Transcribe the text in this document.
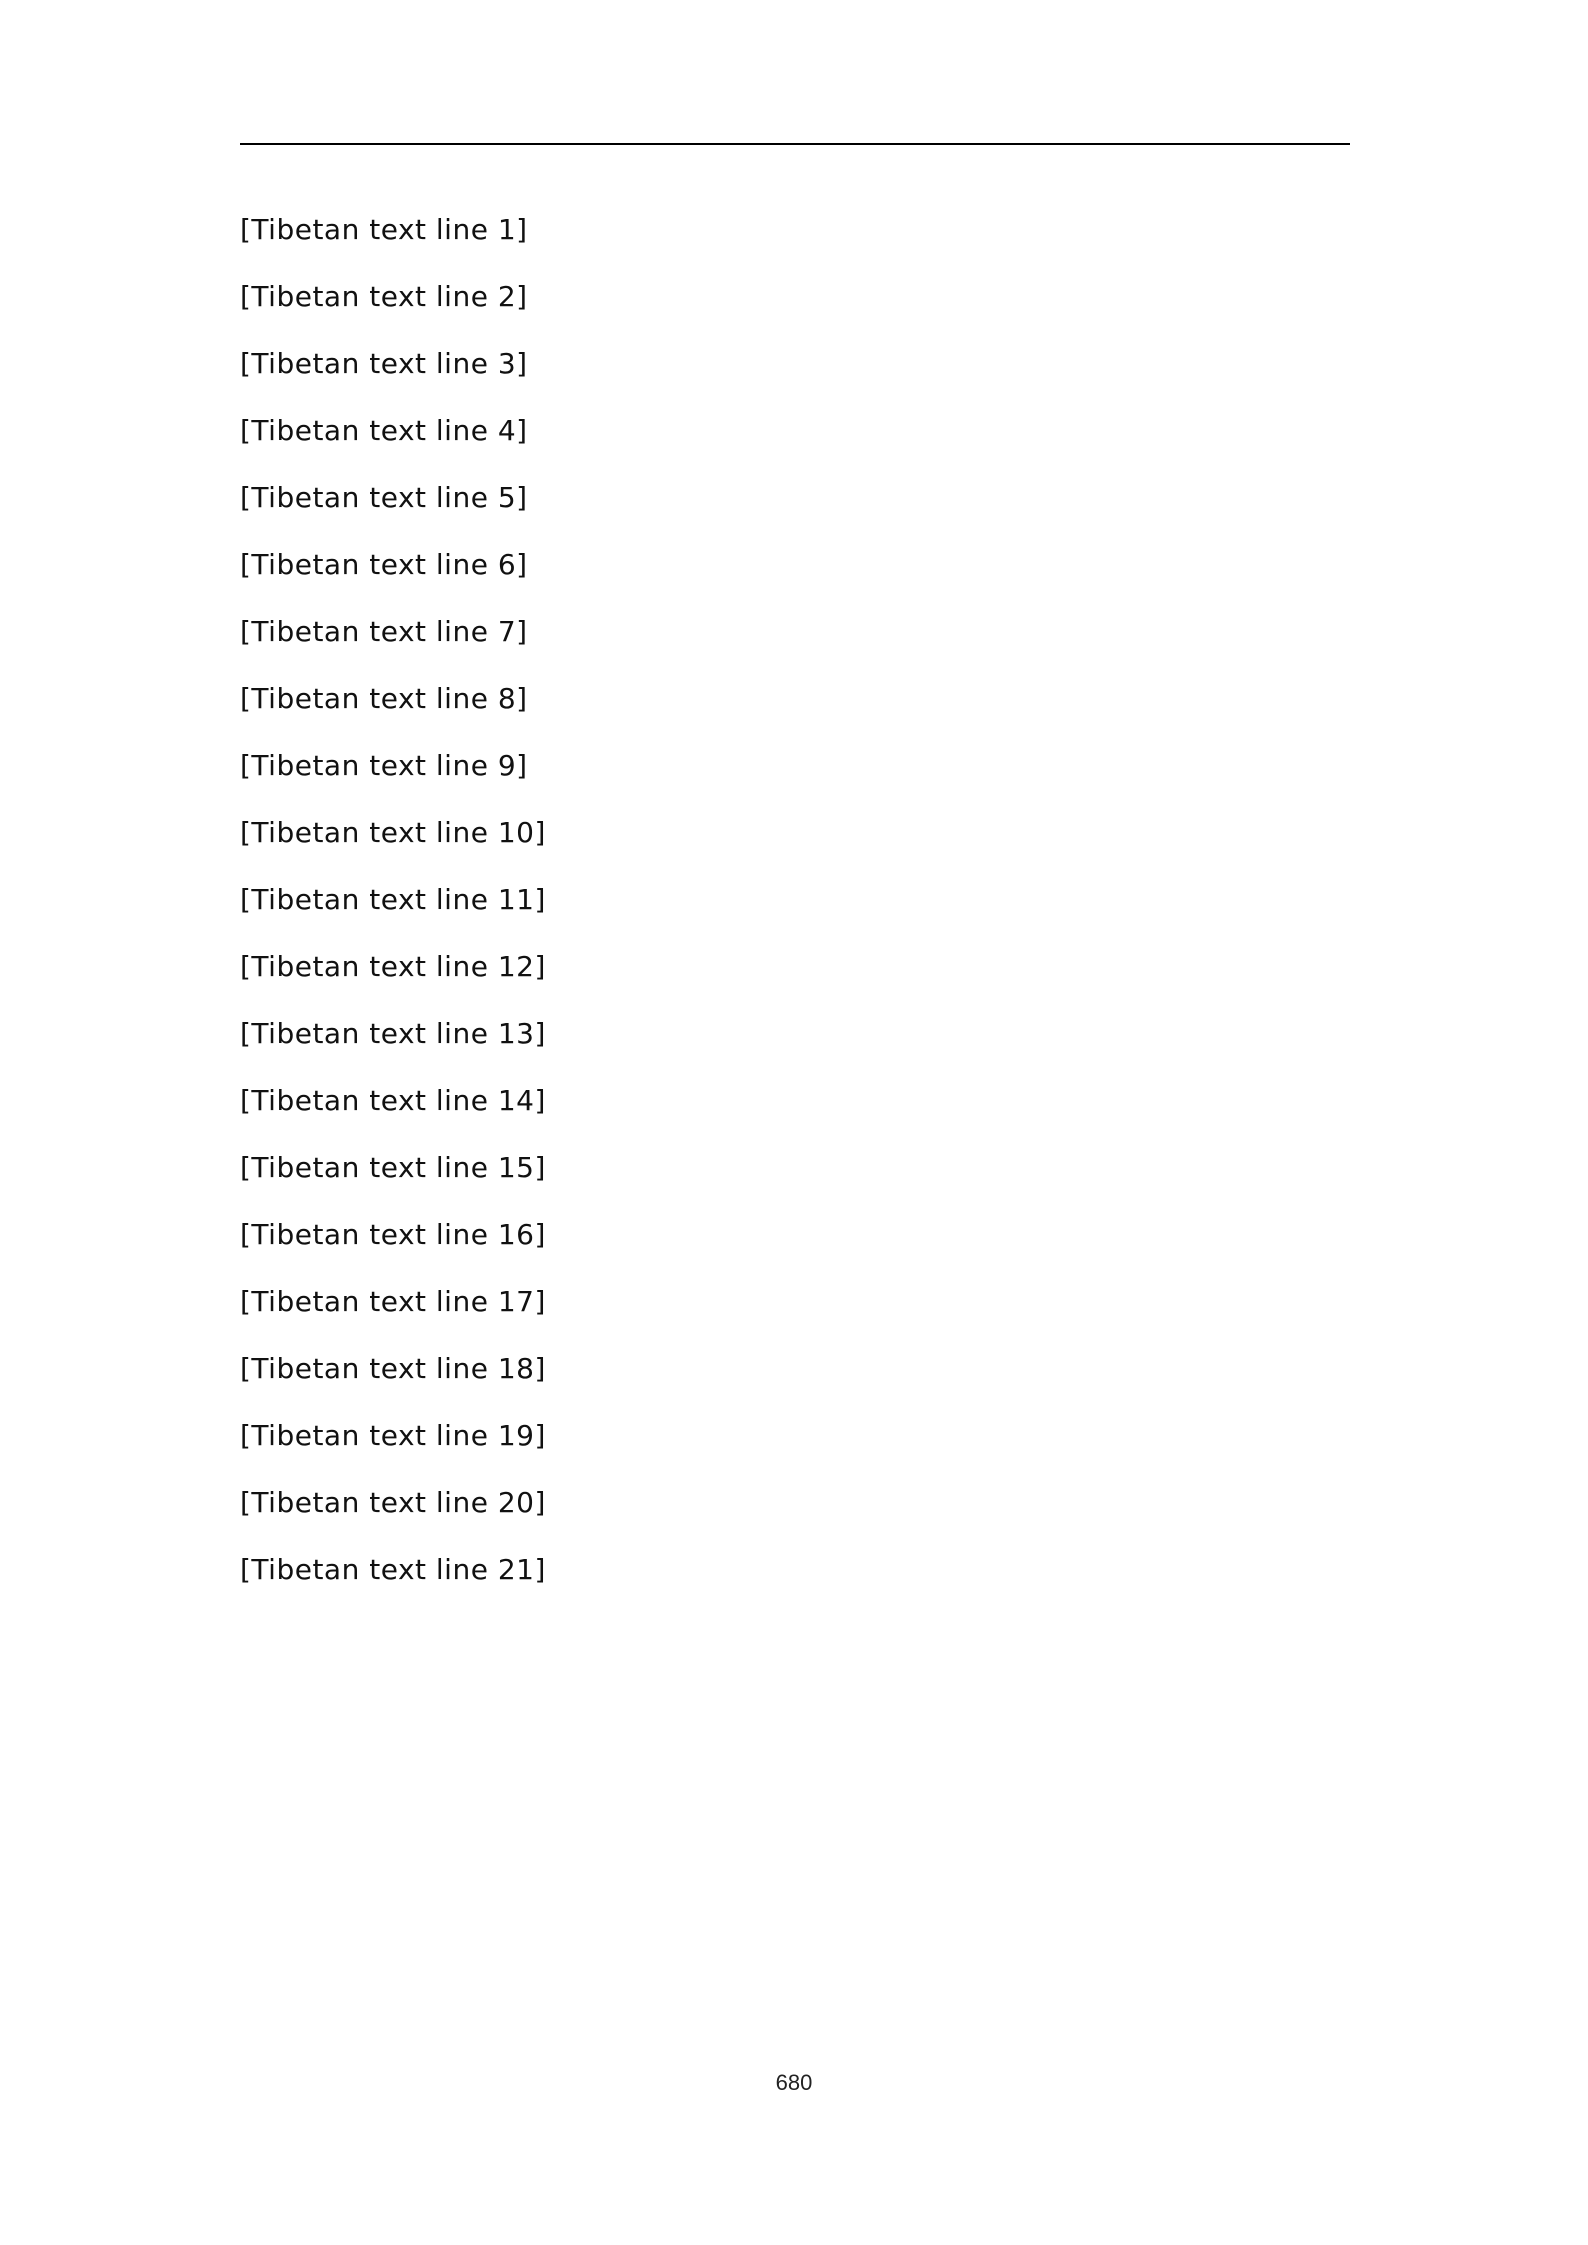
[Tibetan text line 1]
[Tibetan text line 2]
[Tibetan text line 3]
[Tibetan text line 4]
[Tibetan text line 5]
[Tibetan text line 6]
[Tibetan text line 7]
[Tibetan text line 8]
[Tibetan text line 9]
[Tibetan text line 10]
[Tibetan text line 11]
[Tibetan text line 12]
[Tibetan text line 13]
[Tibetan text line 14]
[Tibetan text line 15]
[Tibetan text line 16]
[Tibetan text line 17]
[Tibetan text line 18]
[Tibetan text line 19]
[Tibetan text line 20]
[Tibetan text line 21]
680
